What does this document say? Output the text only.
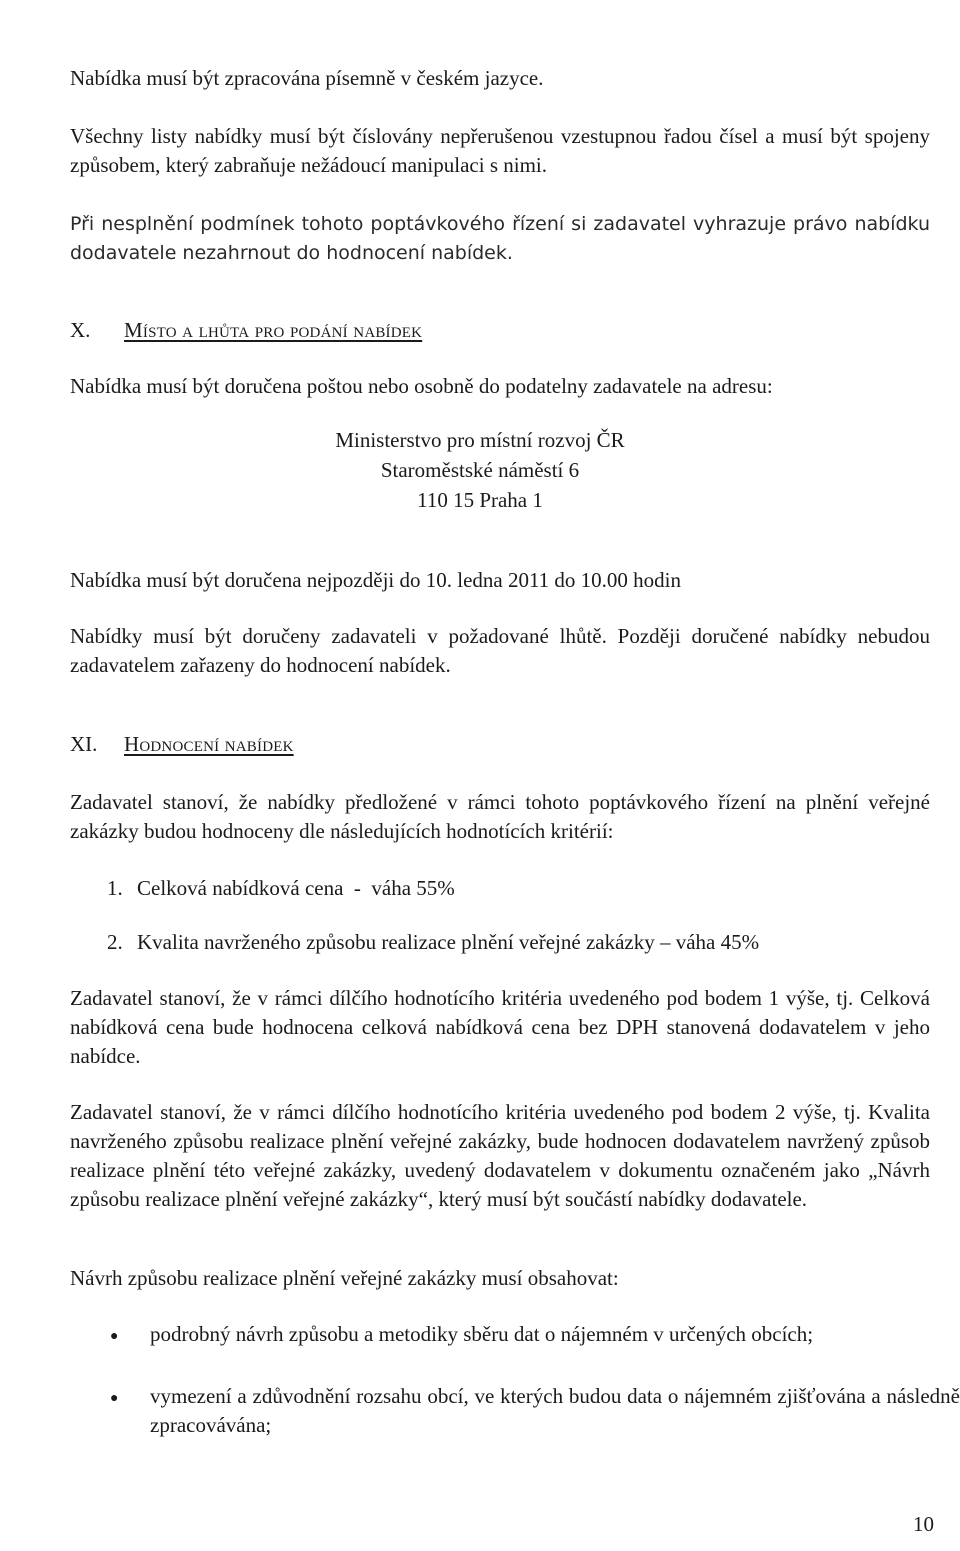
Nabídka musí být zpracována písemně v českém jazyce.

Všechny listy nabídky musí být číslovány nepřerušenou vzestupnou řadou čísel a musí být spojeny způsobem, který zabraňuje nežádoucí manipulaci s nimi.

Při nesplnění podmínek tohoto poptávkového řízení si zadavatel vyhrazuje právo nabídku dodavatele nezahrnout do hodnocení nabídek.

X. Místo a lhůta pro podání nabídek

Nabídka musí být doručena poštou nebo osobně do podatelny zadavatele na adresu:

Ministerstvo pro místní rozvoj ČR
Staroměstské náměstí 6
110 15 Praha 1

Nabídka musí být doručena nejpozději do 10. ledna 2011 do 10.00 hodin

Nabídky musí být doručeny zadavateli v požadované lhůtě. Později doručené nabídky nebudou zadavatelem zařazeny do hodnocení nabídek.

XI. Hodnocení nabídek

Zadavatel stanoví, že nabídky předložené v rámci tohoto poptávkového řízení na plnění veřejné zakázky budou hodnoceny dle následujících hodnotících kritérií:

1. Celková nabídková cena  -  váha 55%
2. Kvalita navrženého způsobu realizace plnění veřejné zakázky – váha 45%

Zadavatel stanoví, že v rámci dílčího hodnotícího kritéria uvedeného pod bodem 1 výše, tj. Celková nabídková cena bude hodnocena celková nabídková cena bez DPH stanovená dodavatelem v jeho nabídce.

Zadavatel stanoví, že v rámci dílčího hodnotícího kritéria uvedeného pod bodem 2 výše, tj. Kvalita navrženého způsobu realizace plnění veřejné zakázky, bude hodnocen dodavatelem navržený způsob realizace plnění této veřejné zakázky, uvedený dodavatelem v dokumentu označeném jako „Návrh způsobu realizace plnění veřejné zakázky“, který musí být součástí nabídky dodavatele.

Návrh způsobu realizace plnění veřejné zakázky musí obsahovat:

● podrobný návrh způsobu a metodiky sběru dat o nájemném v určených obcích;
● vymezení a zdůvodnění rozsahu obcí, ve kterých budou data o nájemném zjišťována a následně zpracovávána;
10
